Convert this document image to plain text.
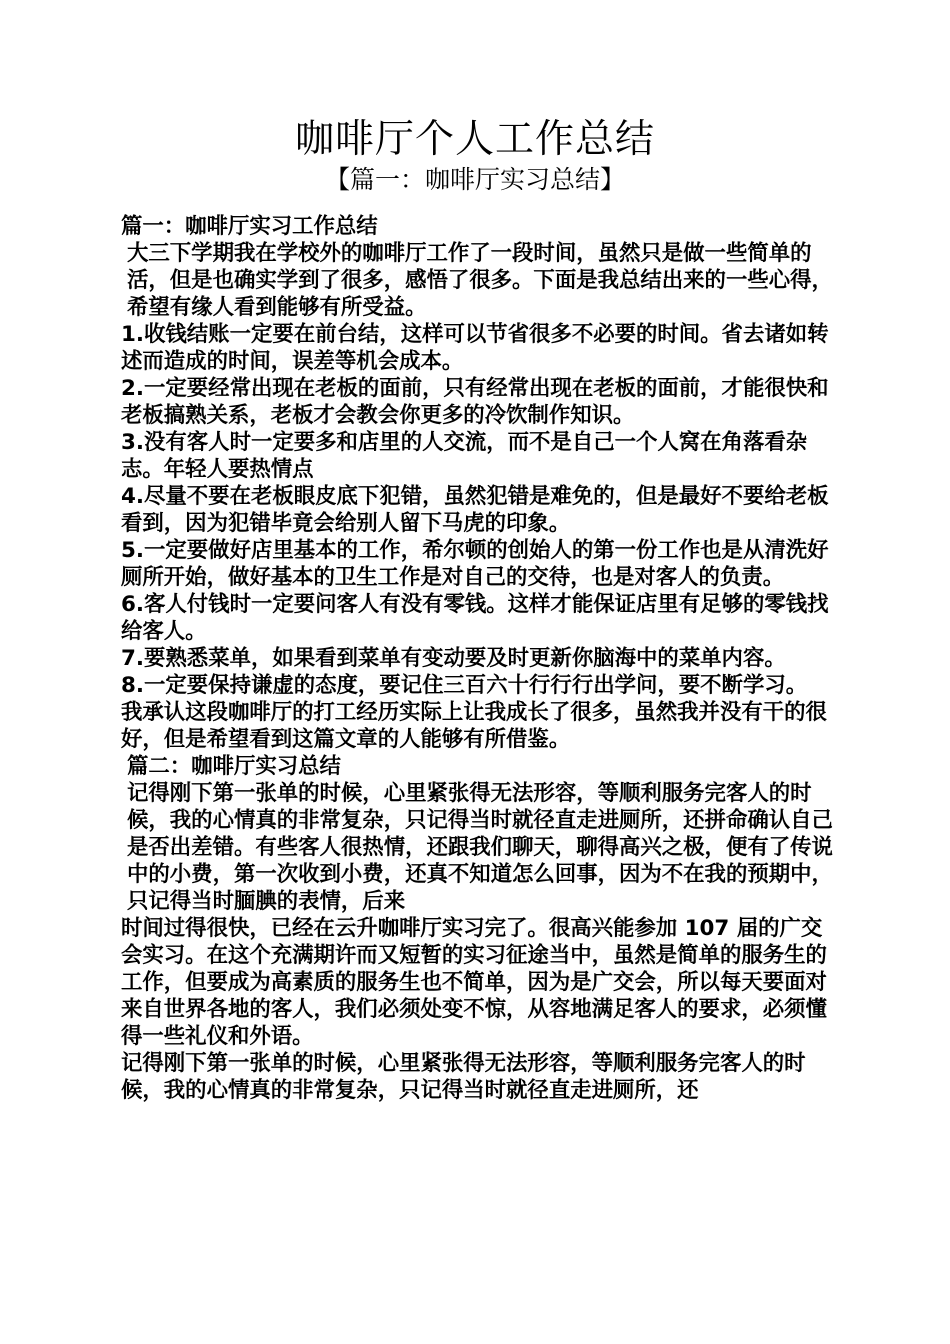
咖啡厅个人工作总结
【篇一：咖啡厅实习总结】

篇一：咖啡厅实习工作总结

大三下学期我在学校外的咖啡厅工作了一段时间，虽然只是做一些简单的活，但是也确实学到了很多，感悟了很多。下面是我总结出来的一些心得，希望有缘人看到能够有所受益。

1.收钱结账一定要在前台结，这样可以节省很多不必要的时间。省去诸如转述而造成的时间，误差等机会成本。

2.一定要经常出现在老板的面前，只有经常出现在老板的面前，才能很快和老板搞熟关系，老板才会教会你更多的冷饮制作知识。

3.没有客人时一定要多和店里的人交流，而不是自己一个人窝在角落看杂志。年轻人要热情点

4.尽量不要在老板眼皮底下犯错，虽然犯错是难免的，但是最好不要给老板看到，因为犯错毕竟会给别人留下马虎的印象。

5.一定要做好店里基本的工作，希尔顿的创始人的第一份工作也是从清洗好厕所开始，做好基本的卫生工作是对自己的交待，也是对客人的负责。

6.客人付钱时一定要问客人有没有零钱。这样才能保证店里有足够的零钱找给客人。

7.要熟悉菜单，如果看到菜单有变动要及时更新你脑海中的菜单内容。

8.一定要保持谦虚的态度，要记住三百六十行行行出学问，要不断学习。

我承认这段咖啡厅的打工经历实际上让我成长了很多，虽然我并没有干的很好，但是希望看到这篇文章的人能够有所借鉴。

篇二：咖啡厅实习总结

记得刚下第一张单的时候，心里紧张得无法形容，等顺利服务完客人的时候，我的心情真的非常复杂，只记得当时就径直走进厕所，还拼命确认自己是否出差错。有些客人很热情，还跟我们聊天，聊得高兴之极，便有了传说中的小费，第一次收到小费，还真不知道怎么回事，因为不在我的预期中，只记得当时腼腆的表情，后来

时间过得很快，已经在云升咖啡厅实习完了。很高兴能参加 107 届的广交会实习。在这个充满期许而又短暂的实习征途当中，虽然是简单的服务生的工作，但要成为高素质的服务生也不简单，因为是广交会，所以每天要面对来自世界各地的客人，我们必须处变不惊，从容地满足客人的要求，必须懂得一些礼仪和外语。

记得刚下第一张单的时候，心里紧张得无法形容，等顺利服务完客人的时候，我的心情真的非常复杂，只记得当时就径直走进厕所，还
